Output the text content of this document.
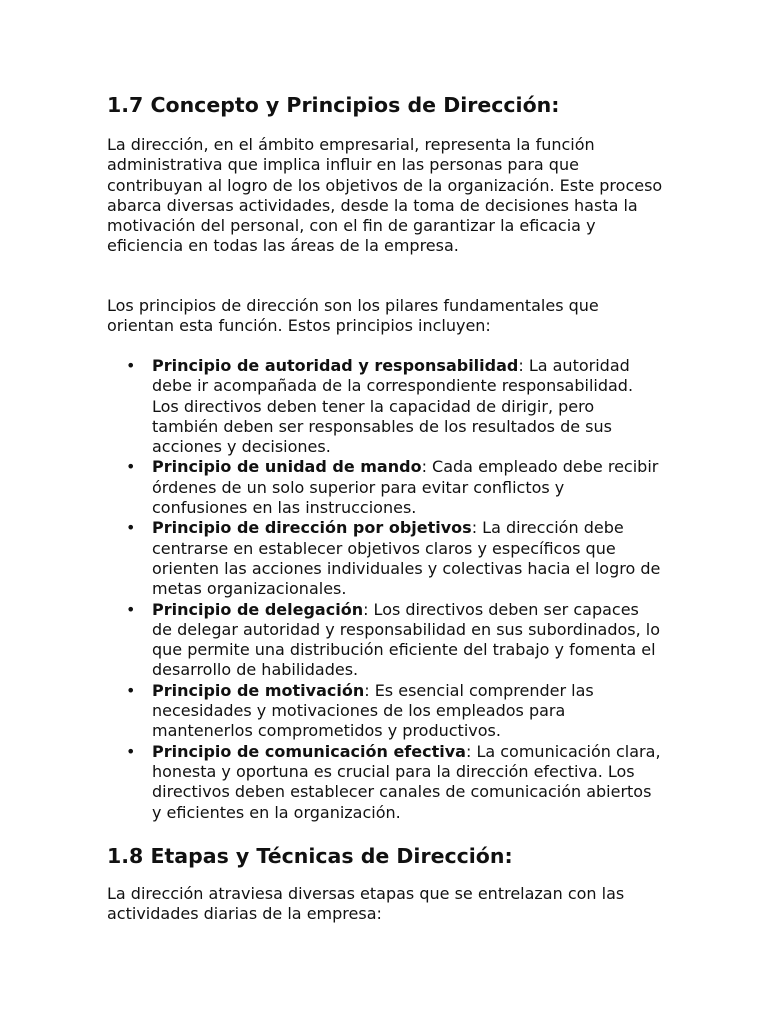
1.7 Concepto y Principios de Dirección:

La dirección, en el ámbito empresarial, representa la función administrativa que implica influir en las personas para que contribuyan al logro de los objetivos de la organización. Este proceso abarca diversas actividades, desde la toma de decisiones hasta la motivación del personal, con el fin de garantizar la eficacia y eficiencia en todas las áreas de la empresa.

Los principios de dirección son los pilares fundamentales que orientan esta función. Estos principios incluyen:

• Principio de autoridad y responsabilidad: La autoridad debe ir acompañada de la correspondiente responsabilidad. Los directivos deben tener la capacidad de dirigir, pero también deben ser responsables de los resultados de sus acciones y decisiones.
• Principio de unidad de mando: Cada empleado debe recibir órdenes de un solo superior para evitar conflictos y confusiones en las instrucciones.
• Principio de dirección por objetivos: La dirección debe centrarse en establecer objetivos claros y específicos que orienten las acciones individuales y colectivas hacia el logro de metas organizacionales.
• Principio de delegación: Los directivos deben ser capaces de delegar autoridad y responsabilidad en sus subordinados, lo que permite una distribución eficiente del trabajo y fomenta el desarrollo de habilidades.
• Principio de motivación: Es esencial comprender las necesidades y motivaciones de los empleados para mantenerlos comprometidos y productivos.
• Principio de comunicación efectiva: La comunicación clara, honesta y oportuna es crucial para la dirección efectiva. Los directivos deben establecer canales de comunicación abiertos y eficientes en la organización.
1.8 Etapas y Técnicas de Dirección:

La dirección atraviesa diversas etapas que se entrelazan con las actividades diarias de la empresa:
